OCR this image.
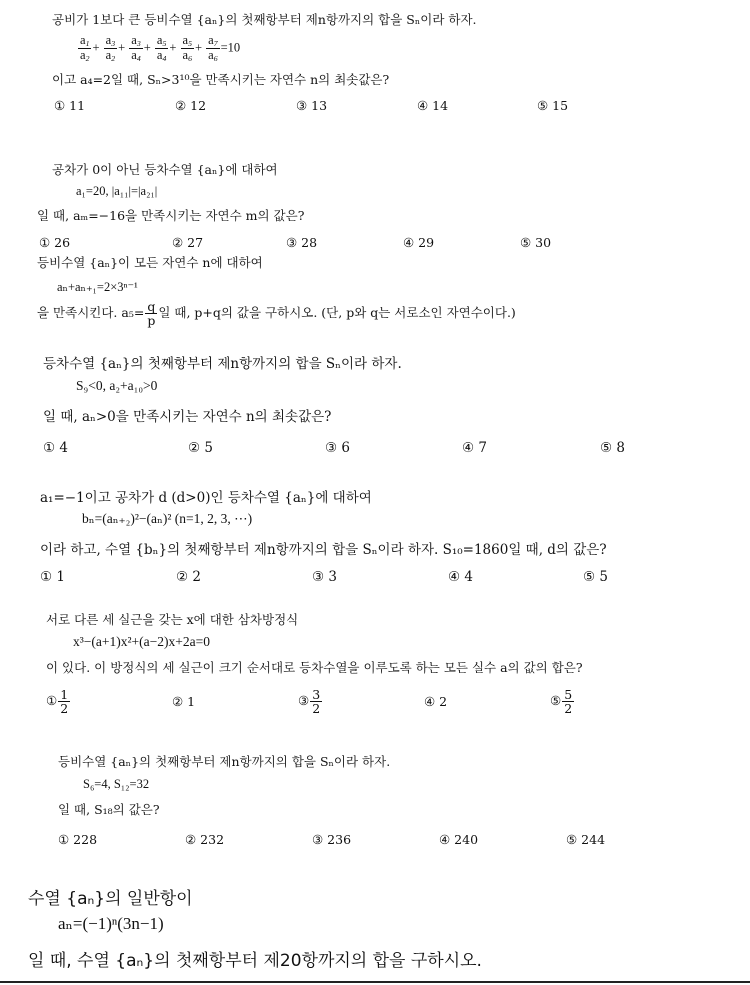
공비가 1보다 큰 등비수열 {aₙ}의 첫째항부터 제n항까지의 합을 Sₙ이라 하자.
$\frac{a_1}{a_2} + \frac{a_3}{a_2} + \frac{a_3}{a_4} + \frac{a_5}{a_4} + \frac{a_5}{a_6} + \frac{a_7}{a_6} =10$
이고 a₄=2일 때, Sₙ>3¹⁰을 만족시키는 자연수 n의 최솟값은?
① 11	② 12	③ 13	④ 14	⑤ 15
공차가 0이 아닌 등차수열 {aₙ}에 대하여
a₁=20, |a₁₁|=|a₂₁|
일 때, aₘ=−16을 만족시키는 자연수 m의 값은?
① 26	② 27	③ 28	④ 29	⑤ 30
등비수열 {aₙ}이 모든 자연수 n에 대하여
aₙ+aₙ₊₁=2×3ⁿ⁻¹
을 만족시킨다. $a_5= \frac{q}{p}$ 일 때, p+q의 값을 구하시오. (단, p와 q는 서로소인 자연수이다.)
등차수열 {aₙ}의 첫째항부터 제n항까지의 합을 Sₙ이라 하자.
S₉<0, a₂+a₁₀>0
일 때, aₙ>0을 만족시키는 자연수 n의 최솟값은?
① 4	② 5	③ 6	④ 7	⑤ 8
a₁=−1이고 공차가 d (d>0)인 등차수열 {aₙ}에 대하여
bₙ=(aₙ₊₂)²−(aₙ)² (n=1, 2, 3, ⋯)
이라 하고, 수열 {bₙ}의 첫째항부터 제n항까지의 합을 Sₙ이라 하자. S₁₀=1860일 때, d의 값은?
① 1	② 2	③ 3	④ 4	⑤ 5
서로 다른 세 실근을 갖는 x에 대한 삼차방정식
x³−(a+1)x²+(a−2)x+2a=0
이 있다. 이 방정식의 세 실근이 크기 순서대로 등차수열을 이루도록 하는 모든 실수 a의 값의 합은?
① $\frac{1}{2}$	② 1	③ $\frac{3}{2}$	④ 2	⑤ $\frac{5}{2}$
등비수열 {aₙ}의 첫째항부터 제n항까지의 합을 Sₙ이라 하자.
S₆=4, S₁₂=32
일 때, S₁₈의 값은?
① 228	② 232	③ 236	④ 240	⑤ 244
수열 {aₙ}의 일반항이
aₙ=(−1)ⁿ(3n−1)
일 때, 수열 {aₙ}의 첫째항부터 제20항까지의 합을 구하시오.
